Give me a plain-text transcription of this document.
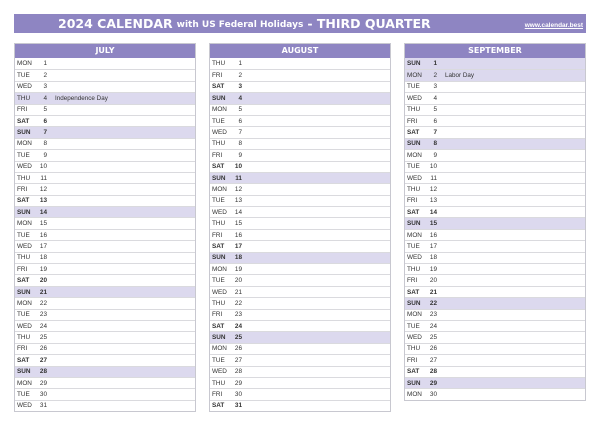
2024 CALENDAR with US Federal Holidays - THIRD QUARTER	www.calendar.best
JULY
MON	1
TUE	2
WED	3
THU	4 Independence Day
FRI	5
SAT	6
SUN	7
MON	8
TUE	9
WED	10
THU	11
FRI	12
SAT	13
SUN	14
MON	15
TUE	16
WED	17
THU	18
FRI	19
SAT	20
SUN	21
MON	22
TUE	23
WED	24
THU	25
FRI	26
SAT	27
SUN	28
MON	29
TUE	30
WED	31
AUGUST
THU	1
FRI	2
SAT	3
SUN	4
MON	5
TUE	6
WED	7
THU	8
FRI	9
SAT	10
SUN	11
MON	12
TUE	13
WED	14
THU	15
FRI	16
SAT	17
SUN	18
MON	19
TUE	20
WED	21
THU	22
FRI	23
SAT	24
SUN	25
MON	26
TUE	27
WED	28
THU	29
FRI	30
SAT	31
SEPTEMBER
SUN	1
MON	2 Labor Day
TUE	3
WED	4
THU	5
FRI	6
SAT	7
SUN	8
MON	9
TUE	10
WED	11
THU	12
FRI	13
SAT	14
SUN	15
MON	16
TUE	17
WED	18
THU	19
FRI	20
SAT	21
SUN	22
MON	23
TUE	24
WED	25
THU	26
FRI	27
SAT	28
SUN	29
MON	30
